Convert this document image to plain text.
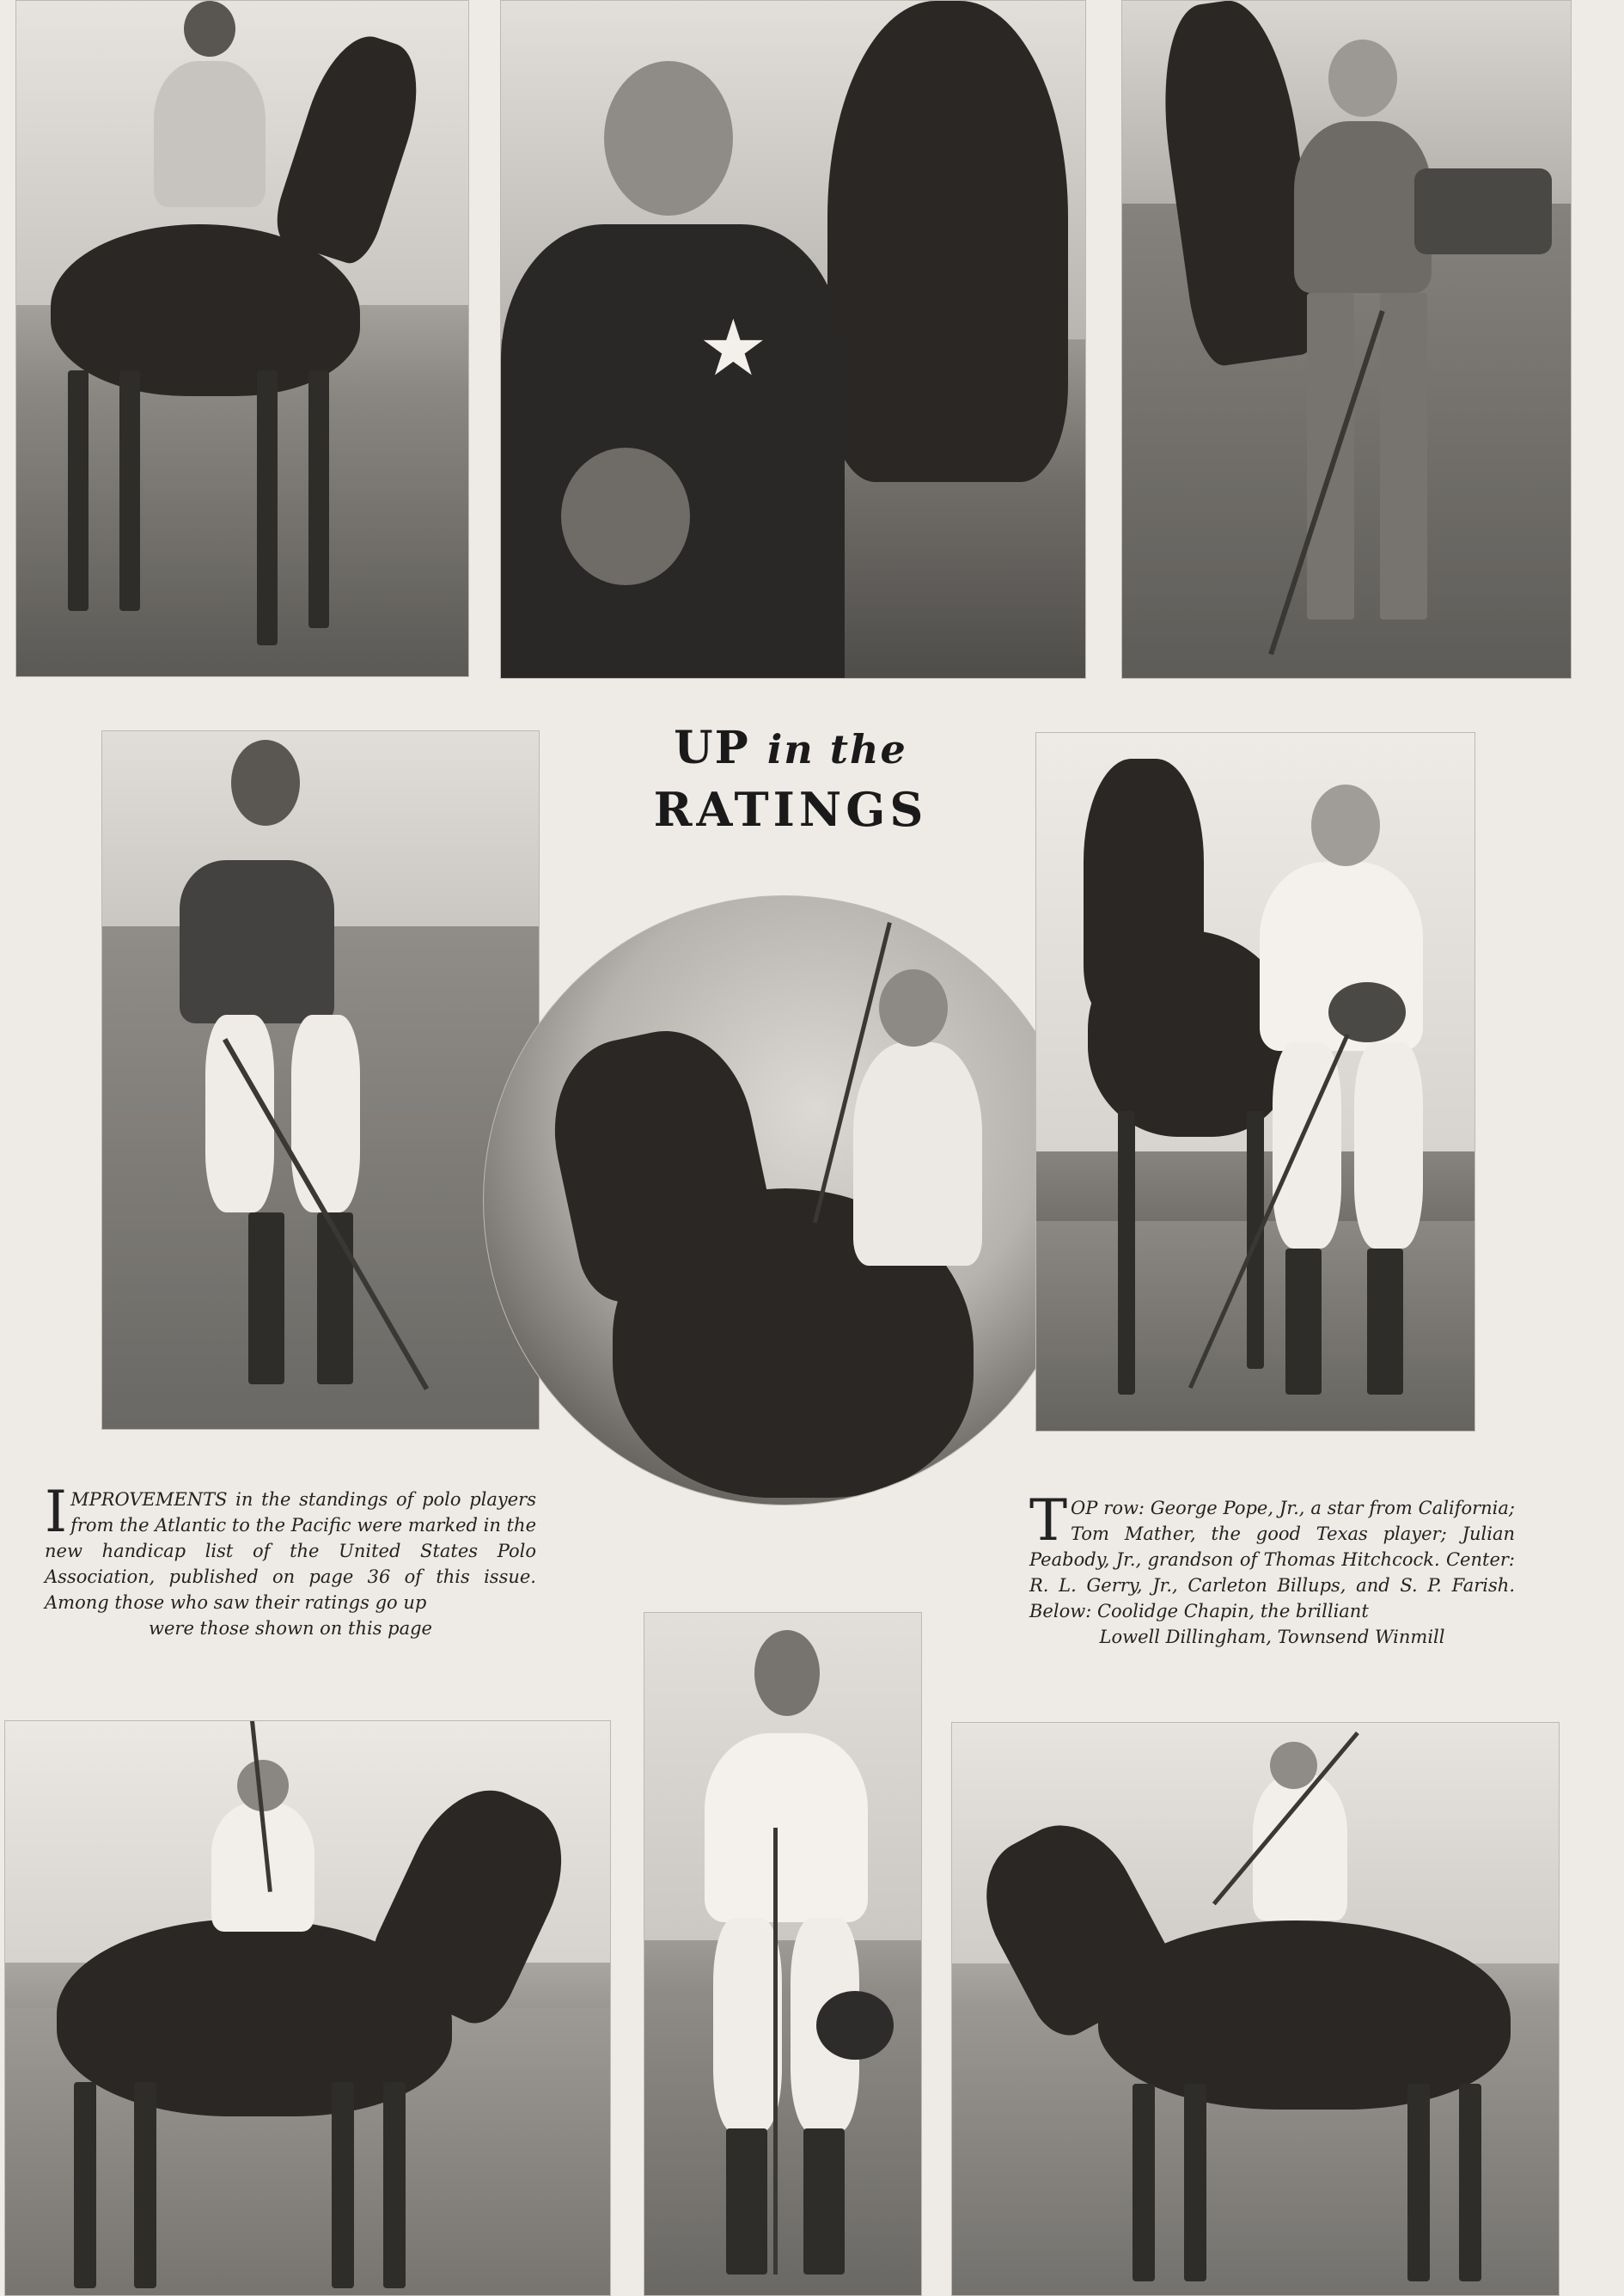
★
UP in the
RATINGS
IMPROVEMENTS in the standings of polo players from the Atlantic to the Pacific were marked in the new handicap list of the United States Polo Association, published on page 36 of this issue. Among those who saw their ratings go up
were those shown on this page
TOP row: George Pope, Jr., a star from California; Tom Mather, the good Texas player; Julian Peabody, Jr., grandson of Thomas Hitchcock. Center: R. L. Gerry, Jr., Carleton Billups, and S. P. Farish. Below: Coolidge Chapin, the brilliant
Lowell Dillingham, Townsend Winmill
